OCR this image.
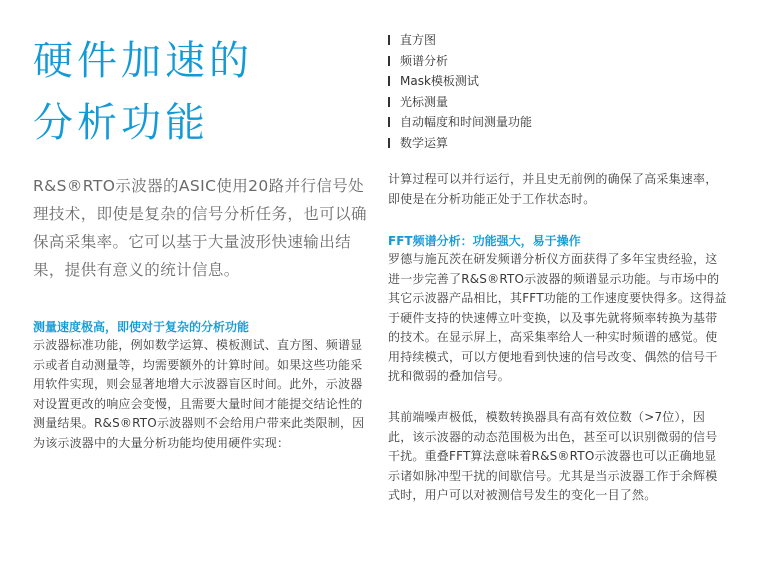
硬件加速的
分析功能

R&S®RTO示波器的ASIC使用20路并行信号处理技术，即使是复杂的信号分析任务，也可以确保高采集率。它可以基于大量波形快速输出结果，提供有意义的统计信息。

测量速度极高，即使对于复杂的分析功能

示波器标准功能，例如数学运算、模板测试、直方图、频谱显示或者自动测量等，均需要额外的计算时间。如果这些功能采用软件实现，则会显著地增大示波器盲区时间。此外，示波器对设置更改的响应会变慢，且需要大量时间才能提交结论性的测量结果。R&S®RTO示波器则不会给用户带来此类限制，因为该示波器中的大量分析功能均使用硬件实现：

直方图
频谱分析
Mask模板测试
光标测量
自动幅度和时间测量功能
数学运算

计算过程可以并行运行，并且史无前例的确保了高采集速率，即使是在分析功能正处于工作状态时。

FFT频谱分析：功能强大，易于操作

罗德与施瓦茨在研发频谱分析仪方面获得了多年宝贵经验，这进一步完善了R&S®RTO示波器的频谱显示功能。与市场中的其它示波器产品相比，其FFT功能的工作速度要快得多。这得益于硬件支持的快速傅立叶变换，以及事先就将频率转换为基带的技术。在显示屏上，高采集率给人一种实时频谱的感觉。使用持续模式，可以方便地看到快速的信号改变、偶然的信号干扰和微弱的叠加信号。

其前端噪声极低，模数转换器具有高有效位数（>7位），因此，该示波器的动态范围极为出色，甚至可以识别微弱的信号干扰。重叠FFT算法意味着R&S®RTO示波器也可以正确地显示诸如脉冲型干扰的间歇信号。尤其是当示波器工作于余辉模式时，用户可以对被测信号发生的变化一目了然。
